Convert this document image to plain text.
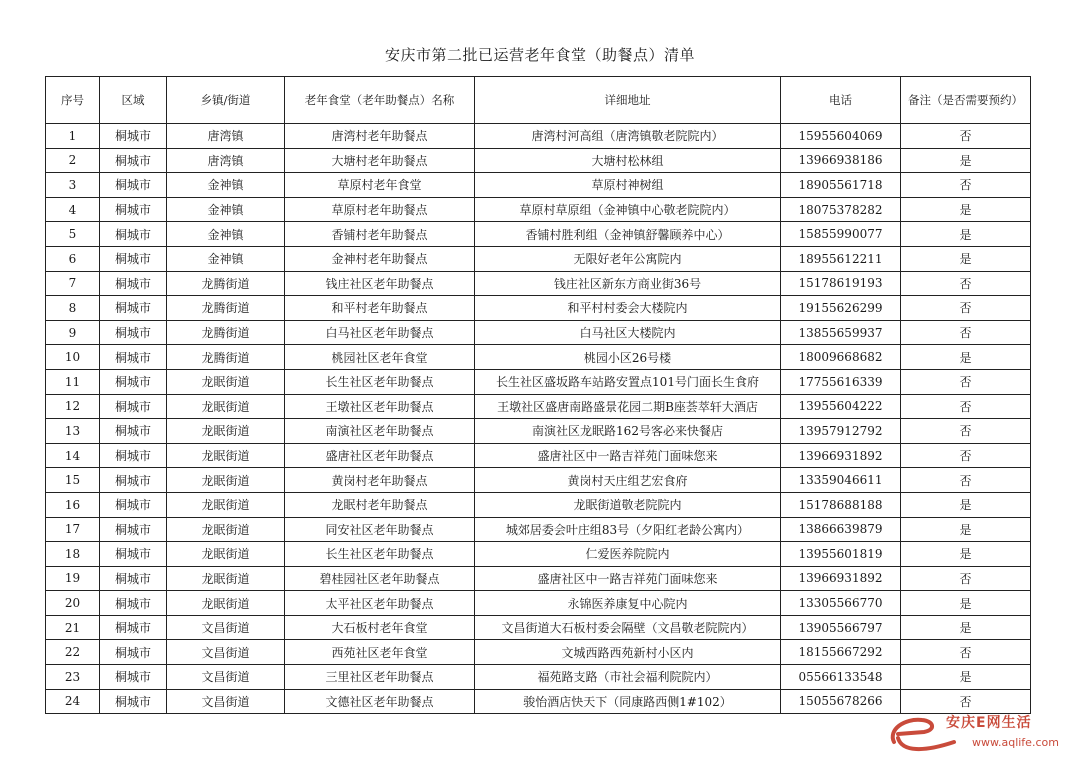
安庆市第二批已运营老年食堂（助餐点）清单
序号	区域	乡镇/街道	老年食堂（老年助餐点）名称	详细地址	电话	备注（是否需要预约）
1	桐城市	唐湾镇	唐湾村老年助餐点	唐湾村河高组（唐湾镇敬老院院内）	15955604069	否
2	桐城市	唐湾镇	大塘村老年助餐点	大塘村松林组	13966938186	是
3	桐城市	金神镇	草原村老年食堂	草原村神树组	18905561718	否
4	桐城市	金神镇	草原村老年助餐点	草原村草原组（金神镇中心敬老院院内）	18075378282	是
5	桐城市	金神镇	香铺村老年助餐点	香铺村胜利组（金神镇舒馨顾养中心）	15855990077	是
6	桐城市	金神镇	金神村老年助餐点	无限好老年公寓院内	18955612211	是
7	桐城市	龙腾街道	钱庄社区老年助餐点	钱庄社区新东方商业街36号	15178619193	否
8	桐城市	龙腾街道	和平村老年助餐点	和平村村委会大楼院内	19155626299	否
9	桐城市	龙腾街道	白马社区老年助餐点	白马社区大楼院内	13855659937	否
10	桐城市	龙腾街道	桃园社区老年食堂	桃园小区26号楼	18009668682	是
11	桐城市	龙眠街道	长生社区老年助餐点	长生社区盛坂路车站路安置点101号门面长生食府	17755616339	否
12	桐城市	龙眠街道	王墩社区老年助餐点	王墩社区盛唐南路盛景花园二期B座荟萃轩大酒店	13955604222	否
13	桐城市	龙眠街道	南演社区老年助餐点	南演社区龙眠路162号客必来快餐店	13957912792	否
14	桐城市	龙眠街道	盛唐社区老年助餐点	盛唐社区中一路吉祥苑门面味您来	13966931892	否
15	桐城市	龙眠街道	黄岗村老年助餐点	黄岗村天庄组艺宏食府	13359046611	否
16	桐城市	龙眠街道	龙眠村老年助餐点	龙眠街道敬老院院内	15178688188	是
17	桐城市	龙眠街道	同安社区老年助餐点	城郊居委会叶庄组83号（夕阳红老龄公寓内）	13866639879	是
18	桐城市	龙眠街道	长生社区老年助餐点	仁爱医养院院内	13955601819	是
19	桐城市	龙眠街道	碧桂园社区老年助餐点	盛唐社区中一路吉祥苑门面味您来	13966931892	否
20	桐城市	龙眠街道	太平社区老年助餐点	永锦医养康复中心院内	13305566770	是
21	桐城市	文昌街道	大石板村老年食堂	文昌街道大石板村委会隔壁（文昌敬老院院内）	13905566797	是
22	桐城市	文昌街道	西苑社区老年食堂	文城西路西苑新村小区内	18155667292	否
23	桐城市	文昌街道	三里社区老年助餐点	福苑路支路（市社会福利院院内）	05566133548	是
24	桐城市	文昌街道	文德社区老年助餐点	骏怡酒店快天下（同康路西侧1#102）	15055678266	否
安庆E网生活
www.aqlife.com
